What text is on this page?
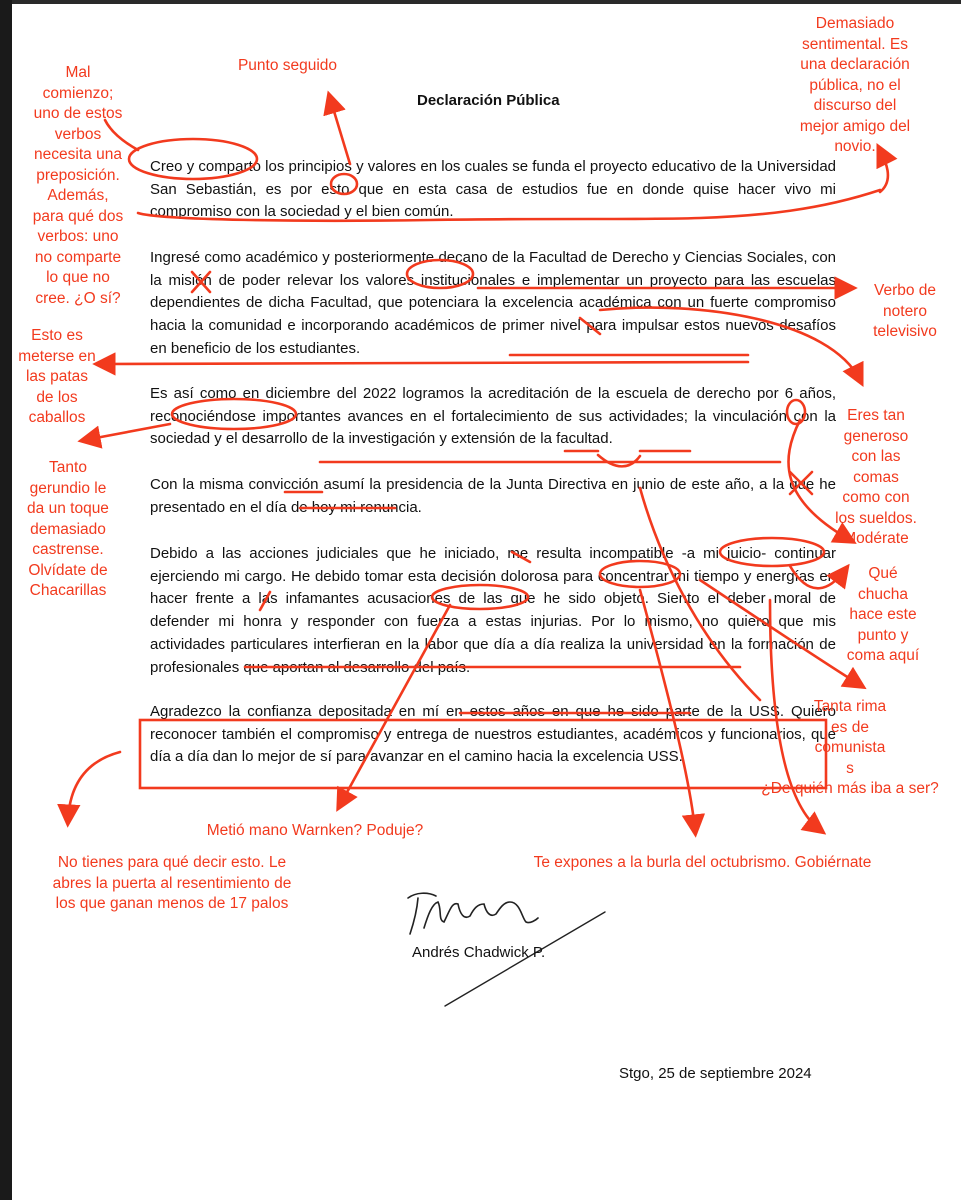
Declaración Pública

Creo y comparto los principios y valores en los cuales se funda el proyecto educativo de la Universidad San Sebastián, es por esto que en esta casa de estudios fue en donde quise hacer vivo mi compromiso con la sociedad y el bien común.

Ingresé como académico y posteriormente decano de la Facultad de Derecho y Ciencias Sociales, con la misión de poder relevar los valores institucionales e implementar un proyecto para las escuelas dependientes de dicha Facultad, que potenciara la excelencia académica con un fuerte compromiso hacia la comunidad e incorporando académicos de primer nivel para impulsar estos nuevos desafíos en beneficio de los estudiantes.

Es así como en diciembre del 2022 logramos la acreditación de la escuela de derecho por 6 años, reconociéndose importantes avances en el fortalecimiento de sus actividades; la vinculación con la sociedad y el desarrollo de la investigación y extensión de la facultad.

Con la misma convicción asumí la presidencia de la Junta Directiva en junio de este año, a la que he presentado en el día de hoy mi renuncia.

Debido a las acciones judiciales que he iniciado, me resulta incompatible -a mi juicio- continuar ejerciendo mi cargo. He debido tomar esta decisión dolorosa para concentrar mi tiempo y energías en hacer frente a las infamantes acusaciones de las que he sido objeto. Siento el deber moral de defender mi honra y responder con fuerza a estas injurias. Por lo mismo, no quiero que mis actividades particulares interfieran en la labor que día a día realiza la universidad en la formación de profesionales que aportan al desarrollo del país.

Agradezco la confianza depositada en mí en estos años en que he sido parte de la USS. Quiero reconocer también el compromiso y entrega de nuestros estudiantes, académicos y funcionarios, que día a día dan lo mejor de sí para avanzar en el camino hacia la excelencia USS.

Andrés Chadwick P.
Stgo, 25 de septiembre 2024
Mal
comienzo;
uno de estos
verbos
necesita una
preposición.
Además,
para qué dos
verbos: uno
no comparte
lo que no
cree. ¿O sí?
Punto seguido
Demasiado
sentimental. Es
una declaración
pública, no el
discurso del
mejor amigo del
novio.
Verbo de
notero
televisivo
Esto es
meterse en
las patas
de los
caballos
Tanto
gerundio le
da un toque
demasiado
castrense.
Olvídate de
Chacarillas
Eres tan
generoso
con las
comas
como con
los sueldos.
Modérate
Qué
chucha
hace este
punto y
coma aquí
Tanta rima
es de
comunista
s
¿De quién más iba a ser?
Metió mano Warnken? Poduje?
No tienes para qué decir esto. Le
abres la puerta al resentimiento de
los que ganan menos de 17 palos
Te expones a la burla del octubrismo. Gobiérnate
